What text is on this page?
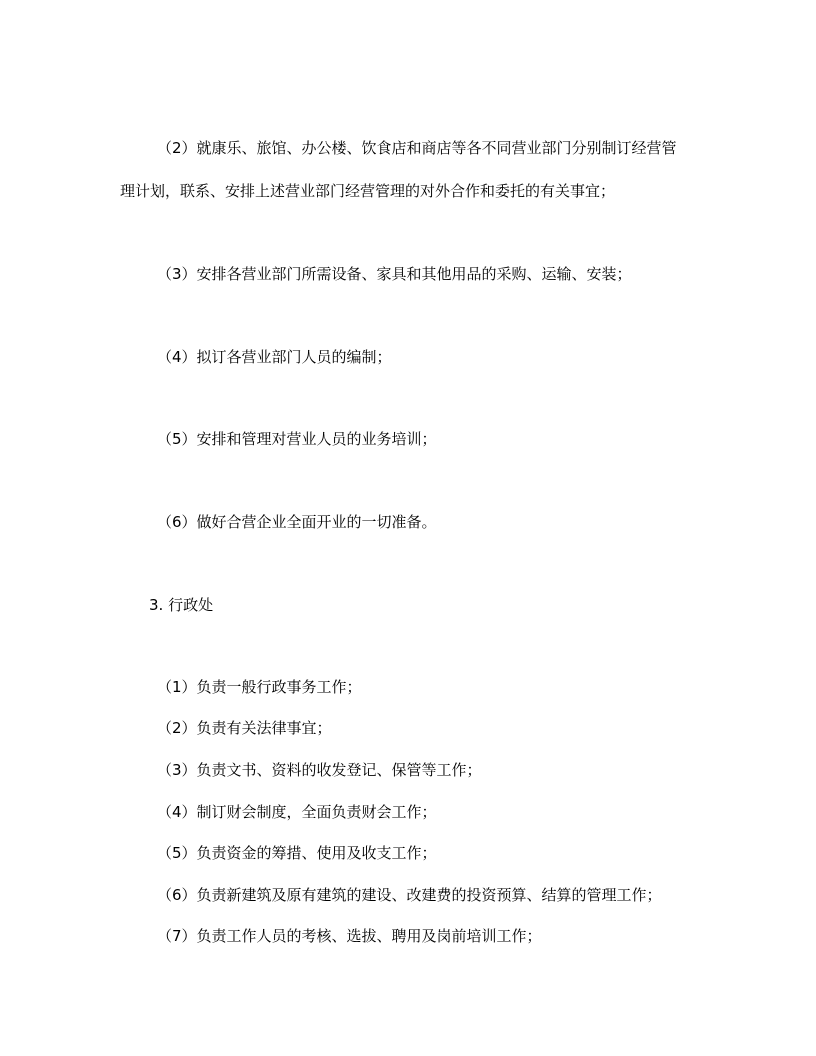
（2）就康乐、旅馆、办公楼、饮食店和商店等各不同营业部门分别制订经营管
理计划，联系、安排上述营业部门经营管理的对外合作和委托的有关事宜；
（3）安排各营业部门所需设备、家具和其他用品的采购、运输、安装；
（4）拟订各营业部门人员的编制；
（5）安排和管理对营业人员的业务培训；
（6）做好合营企业全面开业的一切准备。
3. 行政处
（1）负责一般行政事务工作；
（2）负责有关法律事宜；
（3）负责文书、资料的收发登记、保管等工作；
（4）制订财会制度，全面负责财会工作；
（5）负责资金的筹措、使用及收支工作；
（6）负责新建筑及原有建筑的建设、改建费的投资预算、结算的管理工作；
（7）负责工作人员的考核、选拔、聘用及岗前培训工作；
